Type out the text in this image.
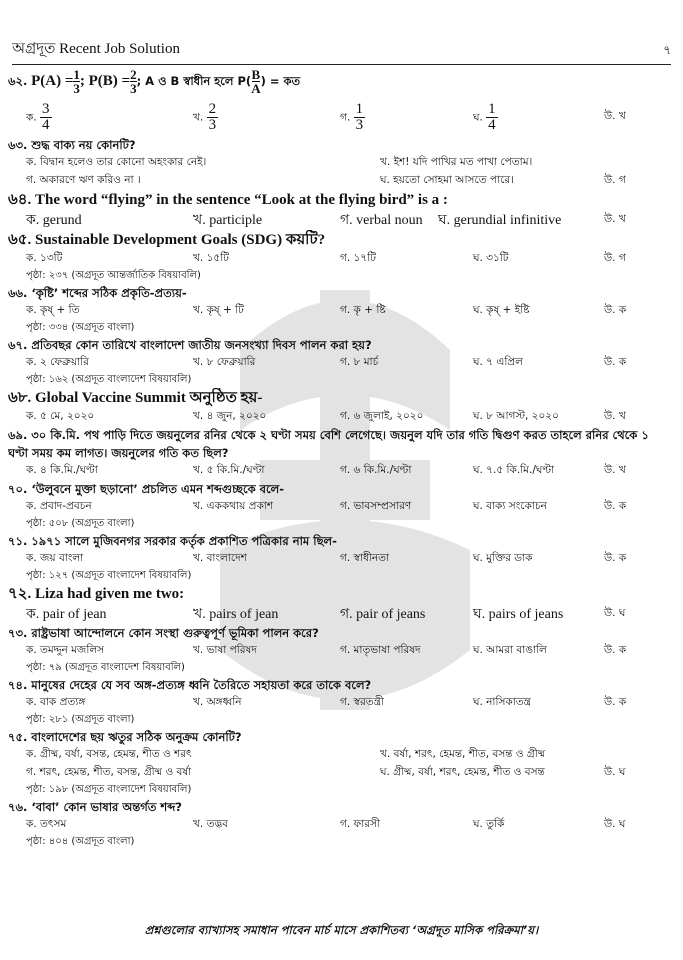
অগ্রদূত Recent Job Solution	৭
৬২.
$P(A) = \frac{1}{3}$ ; $P(B) = \frac{2}{3}$ ; A ও B স্বাধীন হলে P( B
A ) = কত
ক. $\frac{3}{4}$	খ. $\frac{2}{3}$	গ. $\frac{1}{3}$	ঘ. $\frac{1}{4}$	উ. খ
৬৩. শুদ্ধ বাক্য নয় কোনটি?
ক. বিদ্বান হলেও তার কোনো অহংকার নেই।	খ. ইশ! যদি পাখির মত পাখা পেতাম।
গ. অকারণে ঋণ করিও না ।	ঘ. হয়তো সোহমা আসতে পারে।	উ. গ
৬৪. The word “flying” in the sentence “Look at the flying bird” is a :
ক. gerund	খ. participle	গ. verbal noun ঘ. gerundial infinitive	উ. খ
৬৫. Sustainable Development Goals (SDG) কয়টি?
ক. ১৩টি	খ. ১৫টি	গ. ১৭টি	ঘ. ৩১টি	উ. গ
পৃষ্ঠা: ২৩৭ (অগ্রদূত আন্তর্জাতিক বিষয়াবলি)
৬৬. ‘কৃষ্টি’ শব্দের সঠিক প্রকৃতি-প্রত্যয়-
ক. কৃষ্ + তি	খ. কৃষ্ + টি	গ. কৃ + ষ্টি	ঘ. কৃষ্ + ইষ্টি	উ. ক
পৃষ্ঠা: ৩৩৪ (অগ্রদূত বাংলা)
৬৭. প্রতিবছর কোন তারিখে বাংলাদেশ জাতীয় জনসংখ্যা দিবস পালন করা হয়?
ক. ২ ফেব্রুয়ারি	খ. ৮ ফেব্রুয়ারি	গ. ৮ মার্চ	ঘ. ৭ এপ্রিল	উ. ক
পৃষ্ঠা: ১৬২ (অগ্রদূত বাংলাদেশ বিষয়াবলি)
৬৮. Global Vaccine Summit অনুষ্ঠিত হয়-
ক. ৫ মে, ২০২০	খ. ৪ জুন, ২০২০	গ. ৬ জুলাই, ২০২০	ঘ. ৮ আগস্ট, ২০২০	উ. খ
৬৯. ৩০ কি.মি. পথ পাড়ি দিতে জয়নুলের রনির থেকে ২ ঘণ্টা সময় বেশি লেগেছে। জয়নুল যদি তার গতি দ্বিগুণ করত তাহলে রনির থেকে ১ ঘণ্টা সময় কম লাগত। জয়নুলের গতি কত ছিল?
ক. ৪ কি.মি./ঘণ্টা	খ. ৫ কি.মি./ঘণ্টা	গ. ৬ কি.মি./ঘণ্টা	ঘ. ৭.৫ কি.মি./ঘণ্টা	উ. খ
৭০. ‘উলুবনে মুক্তা ছড়ানো’ প্রচলিত এমন শব্দগুচ্ছকে বলে-
ক. প্রবাদ-প্রবচন	খ. এককথায় প্রকাশ	গ. ভাবসম্প্রসারণ	ঘ. বাক্য সংকোচন	উ. ক
পৃষ্ঠা: ৫০৮ (অগ্রদূত বাংলা)
৭১. ১৯৭১ সালে মুজিবনগর সরকার কর্তৃক প্রকাশিত পত্রিকার নাম ছিল-
ক. জয় বাংলা	খ. বাংলাদেশ	গ. স্বাধীনতা	ঘ. মুক্তির ডাক	উ. ক
পৃষ্ঠা: ১২৭ (অগ্রদূত বাংলাদেশ বিষয়াবলি)
৭২. Liza had given me two:
ক. pair of jean	খ. pairs of jean	গ. pair of jeans	ঘ. pairs of jeans	উ. ঘ
৭৩. রাষ্ট্রভাষা আন্দোলনে কোন সংস্থা গুরুত্বপূর্ণ ভূমিকা পালন করে?
ক. তমদ্দুন মজলিস	খ. ভাষা পরিষদ	গ. মাতৃভাষা পরিষদ	ঘ. আমরা বাঙালি	উ. ক
পৃষ্ঠা: ৭৯ (অগ্রদূত বাংলাদেশ বিষয়াবলি)
৭৪. মানুষের দেহের যে সব অঙ্গ-প্রত্যঙ্গ ধ্বনি তৈরিতে সহায়তা করে তাকে বলে?
ক. বাক প্রত্যঙ্গ	খ. অঙ্গধ্বনি	গ. স্বরতন্ত্রী	ঘ. নাসিকাতন্ত্র	উ. ক
পৃষ্ঠা: ২৮১ (অগ্রদূত বাংলা)
৭৫. বাংলাদেশের ছয় ঋতুর সঠিক অনুক্রম কোনটি?
ক. গ্রীষ্ম, বর্ষা, বসন্ত, হেমন্ত, শীত ও শরৎ	খ. বর্ষা, শরৎ, হেমন্ত, শীত, বসন্ত ও গ্রীষ্ম
গ. শরৎ, হেমন্ত, শীত, বসন্ত, গ্রীষ্ম ও বর্ষা	ঘ. গ্রীষ্ম, বর্ষা, শরৎ, হেমন্ত, শীত ও বসন্ত	উ. ঘ
পৃষ্ঠা: ১৯৮ (অগ্রদূত বাংলাদেশ বিষয়াবলি)
৭৬. ‘বাবা’ কোন ভাষার অন্তর্গত শব্দ?
ক. তৎসম	খ. তদ্ভব	গ. ফারসী	ঘ. তুর্কি	উ. ঘ
পৃষ্ঠা: ৪০৪ (অগ্রদূত বাংলা)
প্রশ্নগুলোর ব্যাখ্যাসহ সমাধান পাবেন মার্চ মাসে প্রকাশিতব্য ‘অগ্রদূত মাসিক পরিক্রমা’য়।
